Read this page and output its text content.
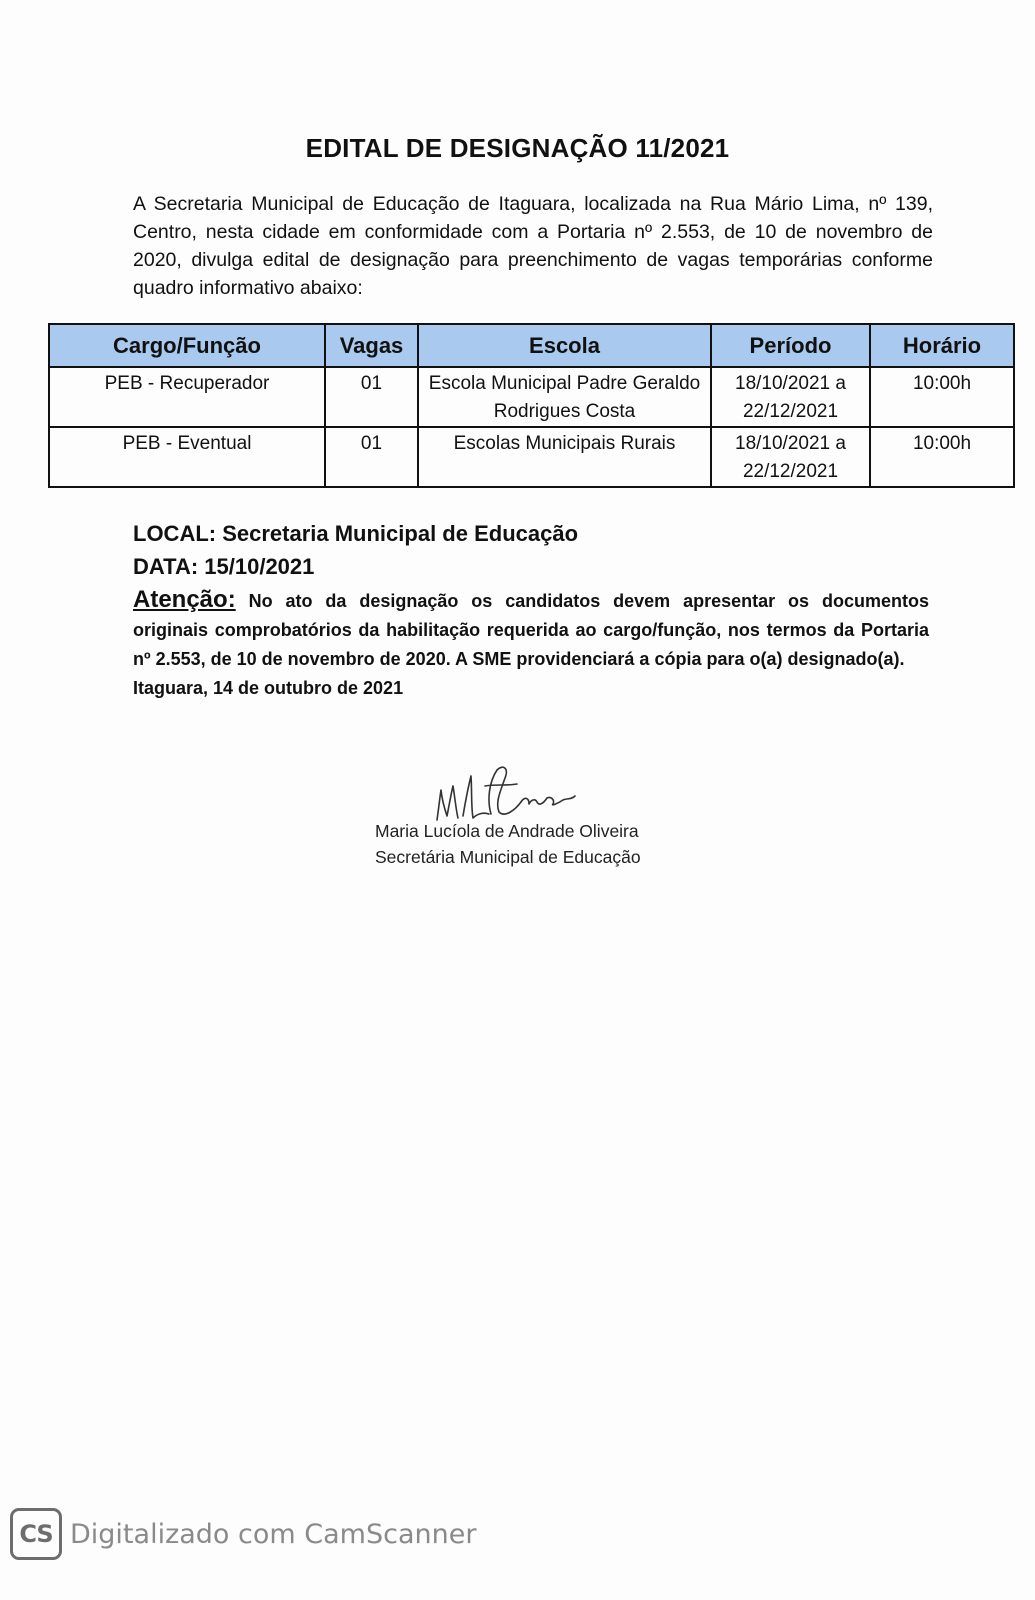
EDITAL DE DESIGNAÇÃO 11/2021
A Secretaria Municipal de Educação de Itaguara, localizada na Rua Mário Lima, nº 139, Centro, nesta cidade em conformidade com a Portaria nº 2.553, de 10 de novembro de 2020, divulga edital de designação para preenchimento de vagas temporárias conforme quadro informativo abaixo:
Cargo/Função	Vagas	Escola	Período	Horário
PEB - Recuperador	01	Escola Municipal Padre Geraldo Rodrigues Costa	18/10/2021 a 22/12/2021	10:00h
PEB - Eventual	01	Escolas Municipais Rurais	18/10/2021 a 22/12/2021	10:00h
LOCAL: Secretaria Municipal de Educação
DATA: 15/10/2021
Atenção: No ato da designação os candidatos devem apresentar os documentos originais comprobatórios da habilitação requerida ao cargo/função, nos termos da Portaria nº 2.553, de 10 de novembro de 2020. A SME providenciará a cópia para o(a) designado(a).
Itaguara, 14 de outubro de 2021
Maria Lucíola de Andrade Oliveira
Secretária Municipal de Educação
CS Digitalizado com CamScanner
